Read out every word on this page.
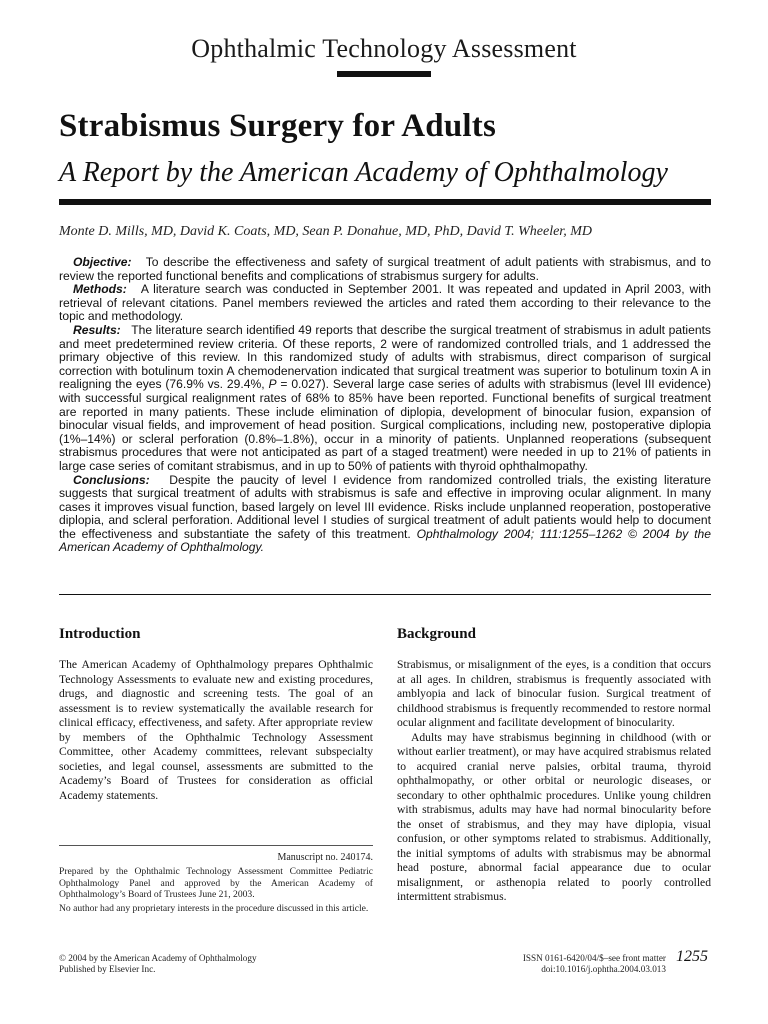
Ophthalmic Technology Assessment
Strabismus Surgery for Adults
A Report by the American Academy of Ophthalmology
Monte D. Mills, MD, David K. Coats, MD, Sean P. Donahue, MD, PhD, David T. Wheeler, MD

Objective: To describe the effectiveness and safety of surgical treatment of adult patients with strabismus, and to review the reported functional benefits and complications of strabismus surgery for adults.

Methods: A literature search was conducted in September 2001. It was repeated and updated in April 2003, with retrieval of relevant citations. Panel members reviewed the articles and rated them according to their relevance to the topic and methodology.

Results: The literature search identified 49 reports that describe the surgical treatment of strabismus in adult patients and meet predetermined review criteria. Of these reports, 2 were of randomized controlled trials, and 1 addressed the primary objective of this review. In this randomized study of adults with strabismus, direct comparison of surgical correction with botulinum toxin A chemodenervation indicated that surgical treatment was superior to botulinum toxin A in realigning the eyes (76.9% vs. 29.4%, P = 0.027). Several large case series of adults with strabismus (level III evidence) with successful surgical realignment rates of 68% to 85% have been reported. Functional benefits of surgical treatment are reported in many patients. These include elimination of diplopia, development of binocular fusion, expansion of binocular visual fields, and improvement of head position. Surgical complications, including new, postoperative diplopia (1%–14%) or scleral perforation (0.8%–1.8%), occur in a minority of patients. Unplanned reoperations (subsequent strabismus procedures that were not anticipated as part of a staged treatment) were needed in up to 21% of patients in large case series of comitant strabismus, and in up to 50% of patients with thyroid ophthalmopathy.

Conclusions: Despite the paucity of level I evidence from randomized controlled trials, the existing literature suggests that surgical treatment of adults with strabismus is safe and effective in improving ocular alignment. In many cases it improves visual function, based largely on level III evidence. Risks include unplanned reoperation, postoperative diplopia, and scleral perforation. Additional level I studies of surgical treatment of adult patients would help to document the effectiveness and substantiate the safety of this treatment. Ophthalmology 2004; 111:1255–1262 © 2004 by the American Academy of Ophthalmology.

Introduction

The American Academy of Ophthalmology prepares Ophthalmic Technology Assessments to evaluate new and existing procedures, drugs, and diagnostic and screening tests. The goal of an assessment is to review systematically the available research for clinical efficacy, effectiveness, and safety. After appropriate review by members of the Ophthalmic Technology Assessment Committee, other Academy committees, relevant subspecialty societies, and legal counsel, assessments are submitted to the Academy’s Board of Trustees for consideration as official Academy statements.

Background

Strabismus, or misalignment of the eyes, is a condition that occurs at all ages. In children, strabismus is frequently associated with amblyopia and lack of binocular fusion. Surgical treatment of childhood strabismus is frequently recommended to restore normal ocular alignment and facilitate development of binocularity.

Adults may have strabismus beginning in childhood (with or without earlier treatment), or may have acquired strabismus related to acquired cranial nerve palsies, orbital trauma, thyroid ophthalmopathy, or other orbital or neurologic diseases, or secondary to other ophthalmic procedures. Unlike young children with strabismus, adults may have had normal binocularity before the onset of strabismus, and they may have diplopia, visual confusion, or other symptoms related to strabismus. Additionally, the initial symptoms of adults with strabismus may be abnormal head posture, abnormal facial appearance due to ocular misalignment, or asthenopia related to poorly controlled intermittent strabismus.

Manuscript no. 240174.

Prepared by the Ophthalmic Technology Assessment Committee Pediatric Ophthalmology Panel and approved by the American Academy of Ophthalmology’s Board of Trustees June 21, 2003.

No author had any proprietary interests in the procedure discussed in this article.

© 2004 by the American Academy of Ophthalmology
Published by Elsevier Inc.
ISSN 0161-6420/04/$–see front matter
doi:10.1016/j.ophtha.2004.03.013
1255
